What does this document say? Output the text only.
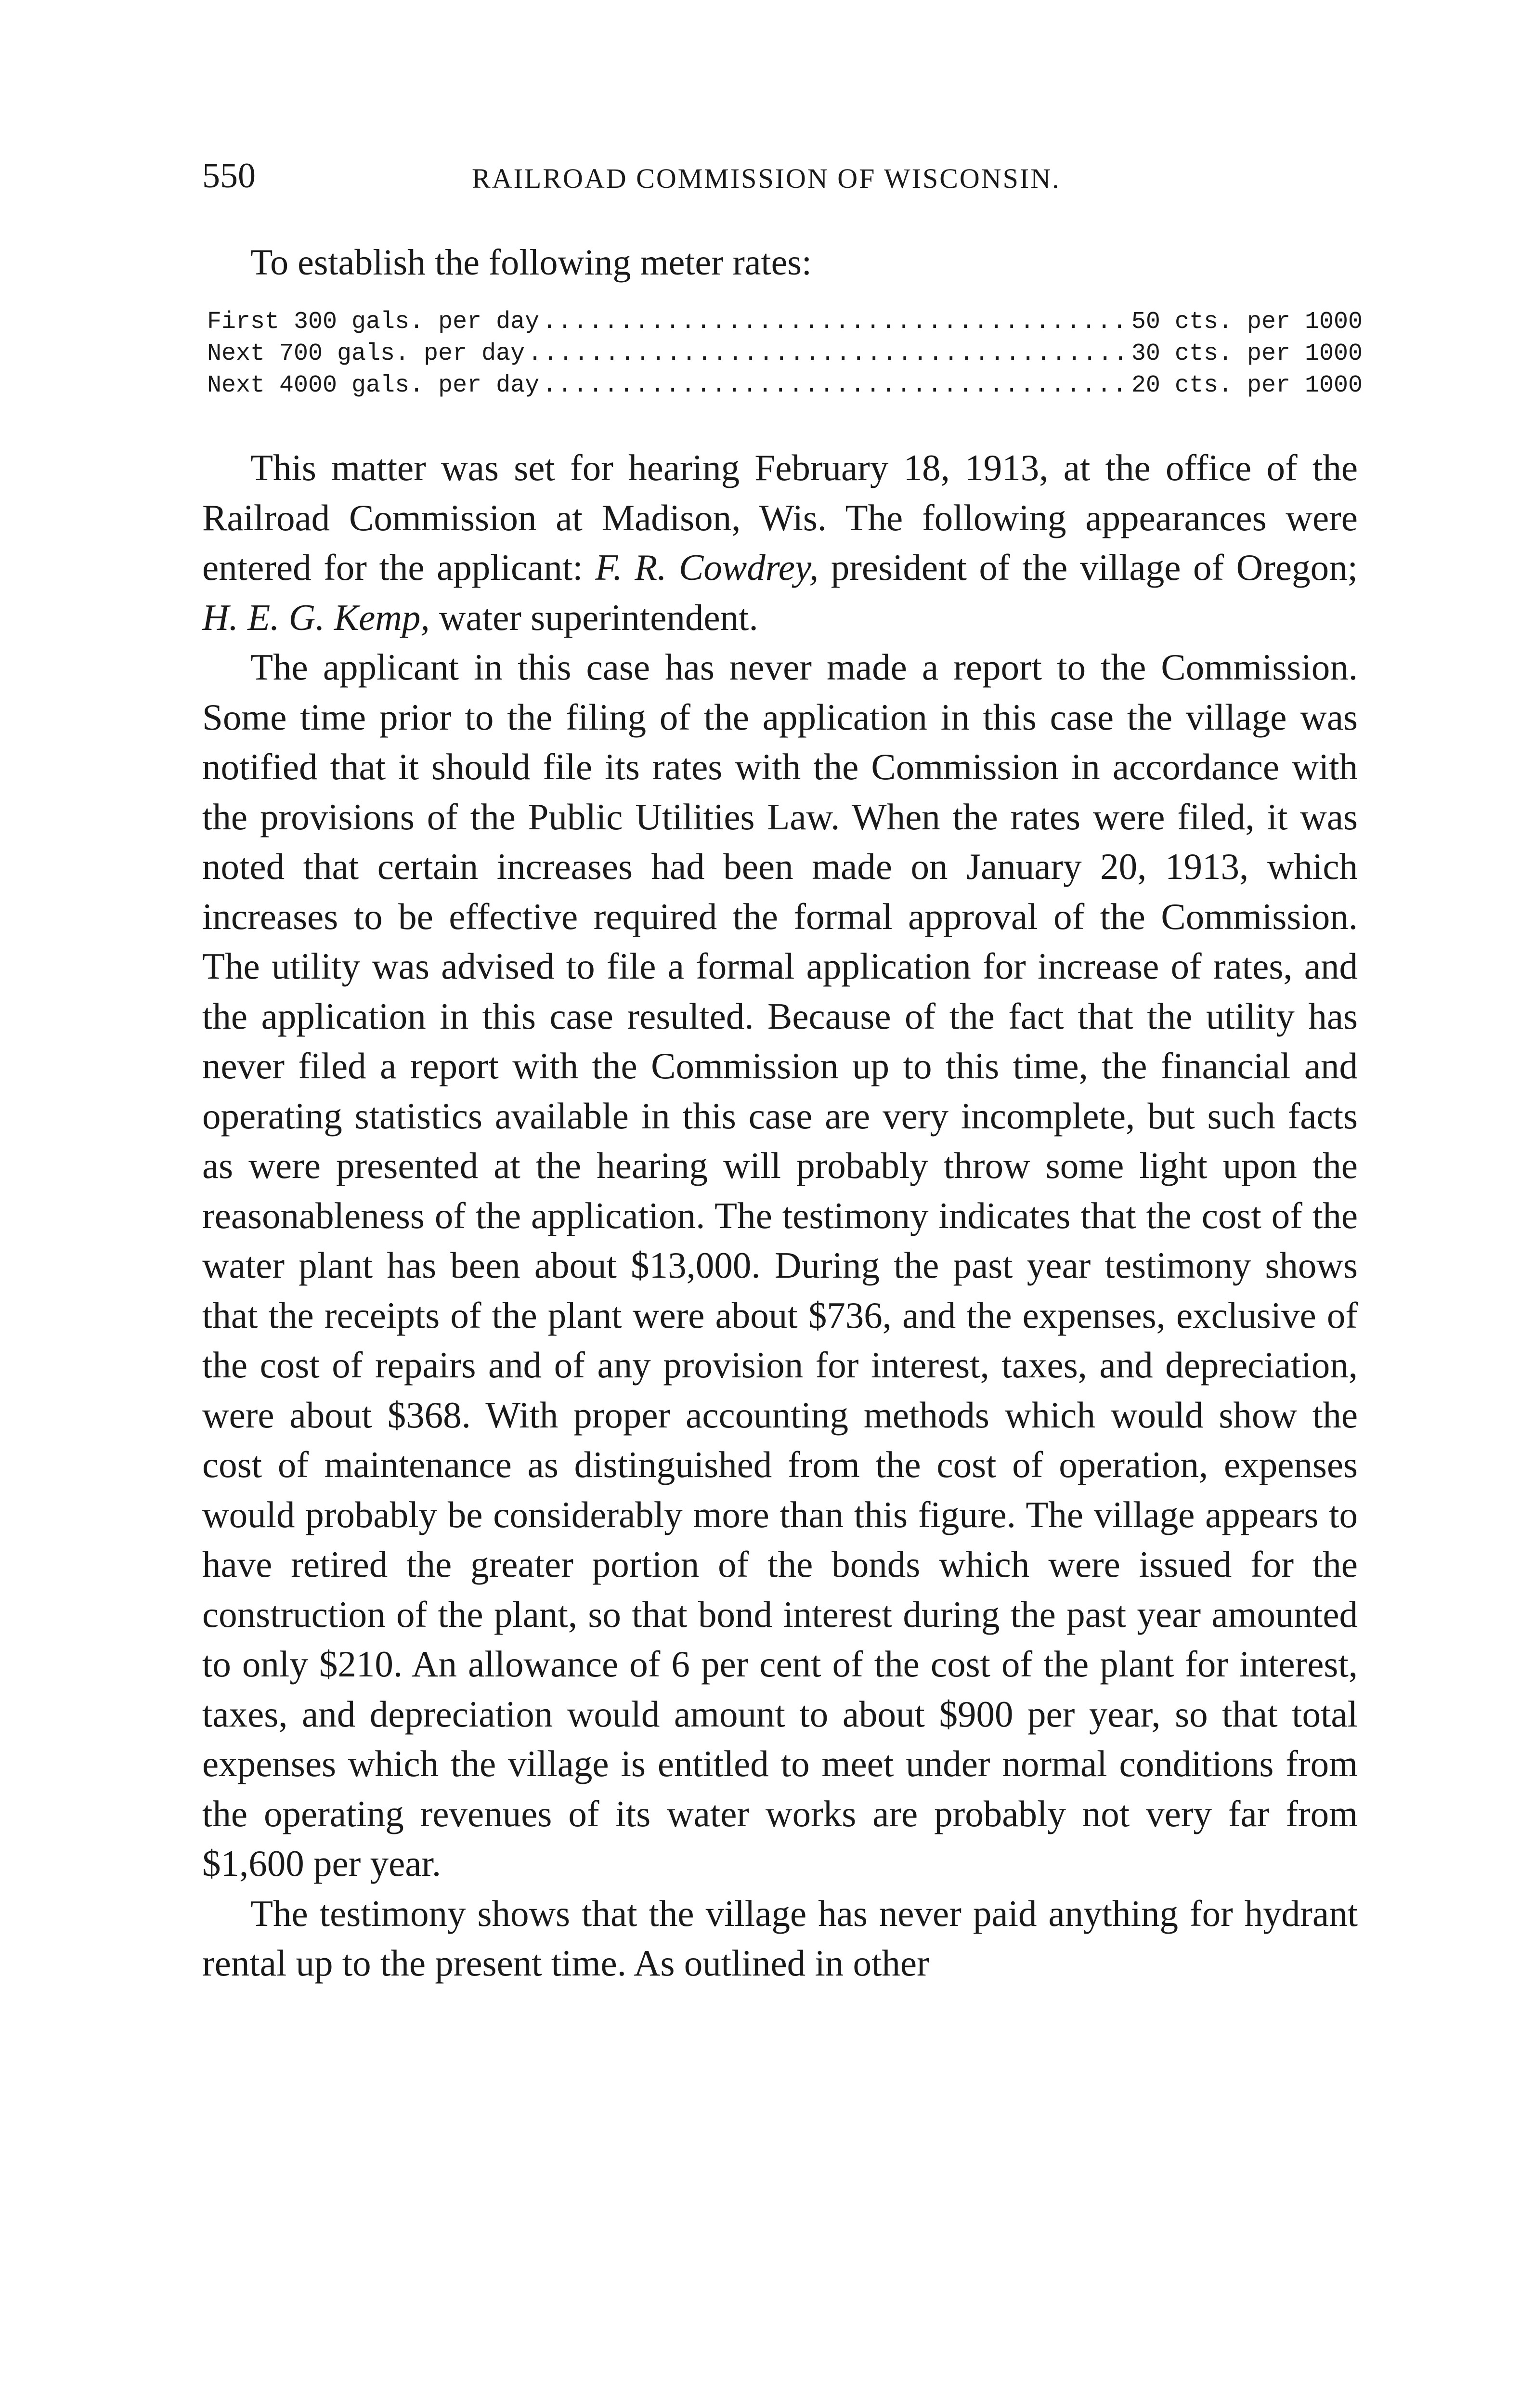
550	RAILROAD COMMISSION OF WISCONSIN.
To establish the following meter rates:
First 300 gals. per day .....	50 cts. per 1000
Next 700 gals. per day .....	30 cts. per 1000
Next 4000 gals. per day .....	20 cts. per 1000

This matter was set for hearing February 18, 1913, at the office of the Railroad Commission at Madison, Wis. The following appearances were entered for the applicant: F. R. Cowdrey, president of the village of Oregon; H. E. G. Kemp, water superintendent.

The applicant in this case has never made a report to the Commission. Some time prior to the filing of the application in this case the village was notified that it should file its rates with the Commission in accordance with the provisions of the Public Utilities Law. When the rates were filed, it was noted that certain increases had been made on January 20, 1913, which increases to be effective required the formal approval of the Commission. The utility was advised to file a formal application for increase of rates, and the application in this case resulted. Because of the fact that the utility has never filed a report with the Commission up to this time, the financial and operating statistics available in this case are very incomplete, but such facts as were presented at the hearing will probably throw some light upon the reasonableness of the application. The testimony indicates that the cost of the water plant has been about $13,000. During the past year testimony shows that the receipts of the plant were about $736, and the expenses, exclusive of the cost of repairs and of any provision for interest, taxes, and depreciation, were about $368. With proper accounting methods which would show the cost of maintenance as distinguished from the cost of operation, expenses would probably be considerably more than this figure. The village appears to have retired the greater portion of the bonds which were issued for the construction of the plant, so that bond interest during the past year amounted to only $210. An allowance of 6 per cent of the cost of the plant for interest, taxes, and depreciation would amount to about $900 per year, so that total expenses which the village is entitled to meet under normal conditions from the operating revenues of its water works are probably not very far from $1,600 per year.

The testimony shows that the village has never paid anything for hydrant rental up to the present time. As outlined in other
